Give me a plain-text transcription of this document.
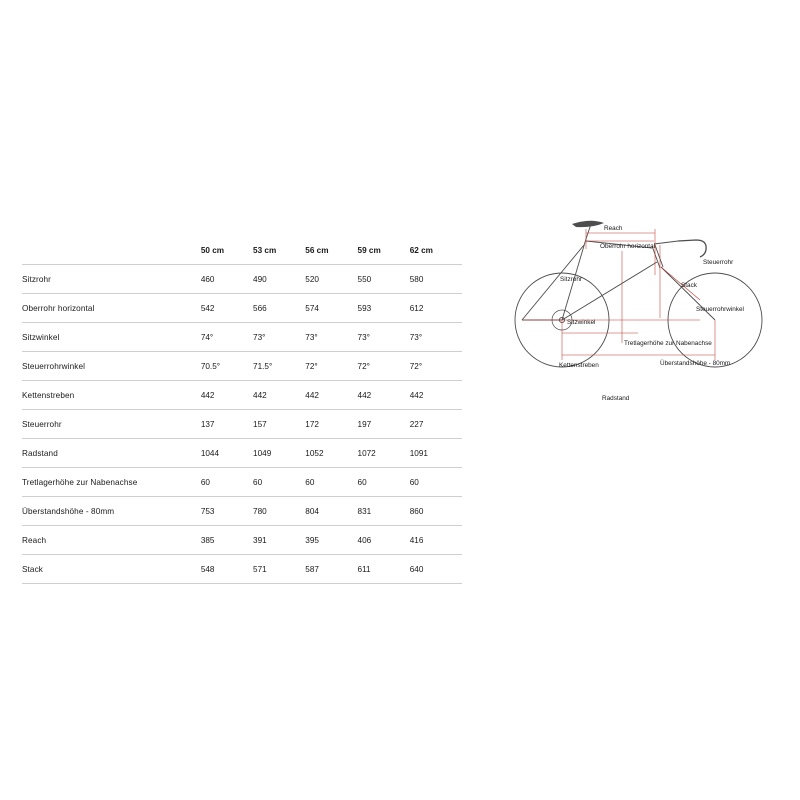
	50 cm	53 cm	56 cm	59 cm	62 cm
Sitzrohr	460	490	520	550	580
Oberrohr horizontal	542	566	574	593	612
Sitzwinkel	74°	73°	73°	73°	73°
Steuerrohrwinkel	70.5°	71.5°	72°	72°	72°
Kettenstreben	442	442	442	442	442
Steuerrohr	137	157	172	197	227
Radstand	1044	1049	1052	1072	1091
Tretlagerhöhe zur Nabenachse	60	60	60	60	60
Überstandshöhe - 80mm	753	780	804	831	860
Reach	385	391	395	406	416
Stack	548	571	587	611	640
Reach
Oberrohr horizontal
Steuerrohr
Sitzrohr
Stack
Steuerrohrwinkel
Sitzwinkel
Kettenstreben
Tretlagerhöhe zur Nabenachse
Überstandshöhe - 80mm
Radstand
